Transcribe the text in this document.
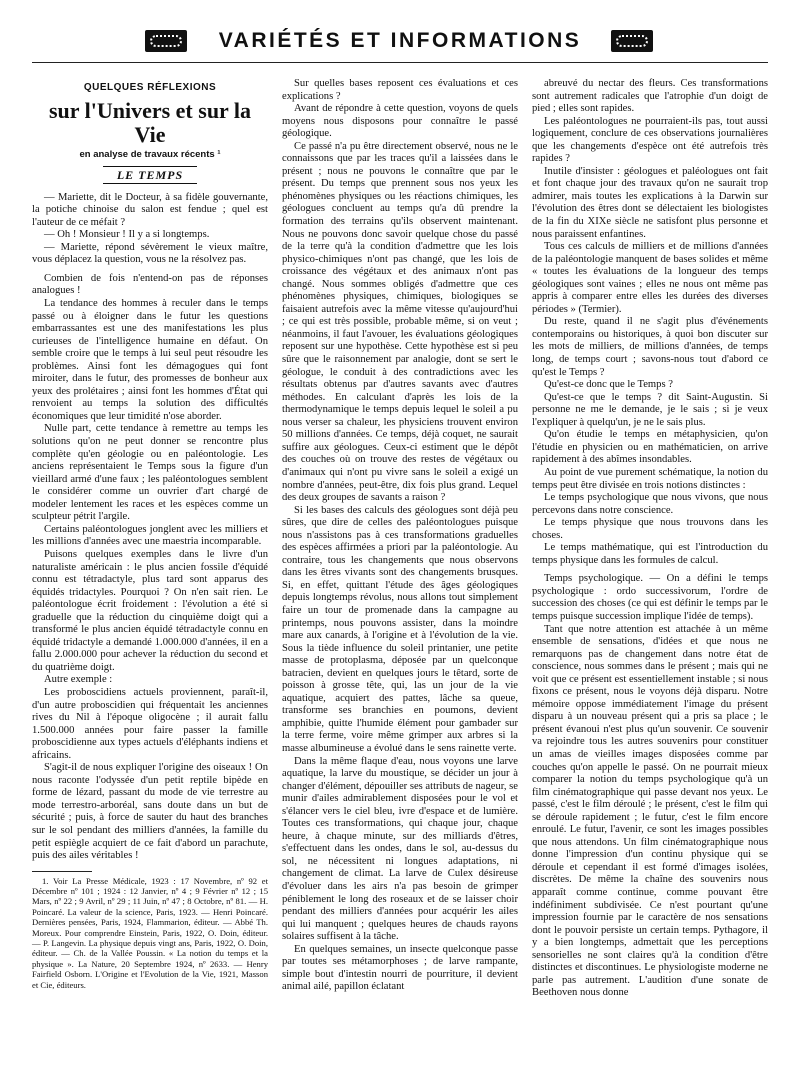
VARIÉTÉS ET INFORMATIONS
QUELQUES RÉFLEXIONS
sur l'Univers et sur la Vie
en analyse de travaux récents ¹
LE TEMPS

— Mariette, dit le Docteur, à sa fidèle gouvernante, la potiche chinoise du salon est fendue ; quel est l'auteur de ce méfait ?

— Oh ! Monsieur ! Il y a si longtemps.

— Mariette, répond sévèrement le vieux maître, vous déplacez la question, vous ne la résolvez pas.

Combien de fois n'entend-on pas de réponses analogues !

La tendance des hommes à reculer dans le temps passé ou à éloigner dans le futur les questions embarrassantes est une des manifestations les plus curieuses de l'intelligence humaine en défaut. On semble croire que le temps à lui seul peut résoudre les problèmes. Ainsi font les démagogues qui font miroiter, dans le futur, des promesses de bonheur aux yeux des prolétaires ; ainsi font les hommes d'État qui renvoient au temps la solution des difficultés économiques que leur timidité n'ose aborder.

Nulle part, cette tendance à remettre au temps les solutions qu'on ne peut donner se rencontre plus complète qu'en géologie ou en paléontologie. Les anciens représentaient le Temps sous la figure d'un vieillard armé d'une faux ; les paléontologues semblent le considérer comme un ouvrier d'art chargé de modeler lentement les races et les espèces comme un sculpteur pétrit l'argile.

Certains paléontologues jonglent avec les milliers et les millions d'années avec une maestria incomparable.

Puisons quelques exemples dans le livre d'un naturaliste américain : le plus ancien fossile d'équidé connu est tétradactyle, plus tard sont apparus des équidés tridactyles. Pourquoi ? On n'en sait rien. Le paléontologue écrit froidement : l'évolution a été si graduelle que la réduction du cinquième doigt qui a transformé le plus ancien équidé tétradactyle connu en équidé tridactyle a demandé 1.000.000 d'années, il en a fallu 2.000.000 pour achever la réduction du second et du quatrième doigt.

Autre exemple :

Les proboscidiens actuels proviennent, paraît-il, d'un autre proboscidien qui fréquentait les anciennes rives du Nil à l'époque oligocène ; il aurait fallu 1.500.000 années pour faire passer la famille proboscidienne aux types actuels d'éléphants indiens et africains.

S'agit-il de nous expliquer l'origine des oiseaux ! On nous raconte l'odyssée d'un petit reptile bipède en forme de lézard, passant du mode de vie terrestre au mode terrestro-arboréal, sans doute dans un but de sécurité ; puis, à force de sauter du haut des branches sur le sol pendant des milliers d'années, la famille du petit espiègle acquiert de ce fait d'abord un parachute, puis des ailes véritables !

1. Voir La Presse Médicale, 1923 : 17 Novembre, nº 92 et Décembre nº 101 ; 1924 : 12 Janvier, nº 4 ; 9 Février nº 12 ; 15 Mars, nº 22 ; 9 Avril, nº 29 ; 11 Juin, nº 47 ; 8 Octobre, nº 81. — H. Poincaré. La valeur de la science, Paris, 1923. — Henri Poincaré. Dernières pensées, Paris, 1924, Flammarion, éditeur. — Abbé Th. Moreux. Pour comprendre Einstein, Paris, 1922, O. Doin, éditeur. — P. Langevin. La physique depuis vingt ans, Paris, 1922, O. Doin, éditeur. — Ch. de la Vallée Poussin. « La notion du temps et la physique ». La Nature, 20 Septembre 1924, nº 2633. — Henry Fairfield Osborn. L'Origine et l'Evolution de la Vie, 1921, Masson et Cie, éditeurs.

Sur quelles bases reposent ces évaluations et ces explications ?

Avant de répondre à cette question, voyons de quels moyens nous disposons pour connaître le passé géologique.

Ce passé n'a pu être directement observé, nous ne le connaissons que par les traces qu'il a laissées dans le présent ; nous ne pouvons le connaître que par le présent. Du temps que prennent sous nos yeux les phénomènes physiques ou les réactions chimiques, les géologues concluent au temps qu'a dû prendre la formation des terrains qu'ils observent maintenant. Nous ne pouvons donc savoir quelque chose du passé de la terre qu'à la condition d'admettre que les lois physico-chimiques n'ont pas changé, que les lois de croissance des végétaux et des animaux n'ont pas changé. Nous sommes obligés d'admettre que ces phénomènes physiques, chimiques, biologiques se faisaient autrefois avec la même vitesse qu'aujourd'hui ; ce qui est très possible, probable même, si on veut ; néanmoins, il faut l'avouer, les évaluations géologiques reposent sur une hypothèse. Cette hypothèse est si peu sûre que le raisonnement par analogie, dont se sert le géologue, le conduit à des contradictions avec les résultats obtenus par d'autres savants avec d'autres méthodes. En calculant d'après les lois de la thermodynamique le temps depuis lequel le soleil a pu nous verser sa chaleur, les physiciens trouvent environ 50 millions d'années. Ce temps, déjà coquet, ne saurait suffire aux géologues. Ceux-ci estiment que le dépôt des couches où on trouve des restes de végétaux ou d'animaux qui n'ont pu vivre sans le soleil a exigé un nombre d'années, peut-être, dix fois plus grand. Lequel des deux groupes de savants a raison ?

Si les bases des calculs des géologues sont déjà peu sûres, que dire de celles des paléontologues puisque nous n'assistons pas à ces transformations graduelles des espèces affirmées a priori par la paléontologie. Au contraire, tous les changements que nous observons dans les êtres vivants sont des changements brusques. Si, en effet, quittant l'étude des âges géologiques depuis longtemps révolus, nous allons tout simplement faire un tour de promenade dans la campagne au printemps, nous pouvons assister, dans la moindre mare aux canards, à l'origine et à l'évolution de la vie. Sous la tiède influence du soleil printanier, une petite masse de protoplasma, déposée par un quelconque batracien, devient en quelques jours le têtard, sorte de poisson à grosse tête, qui, las un jour de la vie aquatique, acquiert des pattes, lâche sa queue, transforme ses branchies en poumons, devient amphibie, quitte l'humide élément pour gambader sur la terre ferme, voire même grimper aux arbres si la masse albumineuse a évolué dans le sens rainette verte.

Dans la même flaque d'eau, nous voyons une larve aquatique, la larve du moustique, se décider un jour à changer d'élément, dépouiller ses attributs de nageur, se munir d'ailes admirablement disposées pour le vol et s'élancer vers le ciel bleu, ivre d'espace et de lumière. Toutes ces transformations, qui chaque jour, chaque heure, à chaque minute, sur des milliards d'êtres, s'effectuent dans les ondes, dans le sol, au-dessus du sol, ne nécessitent ni longues adaptations, ni changement de climat. La larve de Culex désireuse d'évoluer dans les airs n'a pas besoin de grimper péniblement le long des roseaux et de se laisser choir pendant des milliers d'années pour acquérir les ailes qui lui manquent ; quelques heures de chauds rayons solaires suffisent à la tâche.

En quelques semaines, un insecte quelconque passe par toutes ses métamorphoses ; de larve rampante, simple bout d'intestin nourri de pourriture, il devient animal ailé, papillon éclatant

abreuvé du nectar des fleurs. Ces transformations sont autrement radicales que l'atrophie d'un doigt de pied ; elles sont rapides.

Les paléontologues ne pourraient-ils pas, tout aussi logiquement, conclure de ces observations journalières que les changements d'espèce ont été autrefois très rapides ?

Inutile d'insister : géologues et paléologues ont fait et font chaque jour des travaux qu'on ne saurait trop admirer, mais toutes les explications à la Darwin sur l'évolution des êtres dont se délectaient les biologistes de la fin du XIXe siècle ne satisfont plus personne et nous paraissent enfantines.

Tous ces calculs de milliers et de millions d'années de la paléontologie manquent de bases solides et même « toutes les évaluations de la longueur des temps géologiques sont vaines ; elles ne nous ont même pas appris à comparer entre elles les durées des diverses périodes » (Termier).

Du reste, quand il ne s'agit plus d'événements contemporains ou historiques, à quoi bon discuter sur les mots de milliers, de millions d'années, de temps long, de temps court ; savons-nous tout d'abord ce qu'est le Temps ?

Qu'est-ce donc que le Temps ?

Qu'est-ce que le temps ? dit Saint-Augustin. Si personne ne me le demande, je le sais ; si je veux l'expliquer à quelqu'un, je ne le sais plus.

Qu'on étudie le temps en métaphysicien, qu'on l'étudie en physicien ou en mathématicien, on arrive rapidement à des abîmes insondables.

Au point de vue purement schématique, la notion du temps peut être divisée en trois notions distinctes :

Le temps psychologique que nous vivons, que nous percevons dans notre conscience.

Le temps physique que nous trouvons dans les choses.

Le temps mathématique, qui est l'introduction du temps physique dans les formules de calcul.

Temps psychologique. — On a défini le temps psychologique : ordo successivorum, l'ordre de succession des choses (ce qui est définir le temps par le temps puisque succession implique l'idée de temps).

Tant que notre attention est attachée à un même ensemble de sensations, d'idées et que nous ne remarquons pas de changement dans notre état de conscience, nous sommes dans le présent ; mais qui ne voit que ce présent est essentiellement instable ; si nous fixons ce présent, nous le voyons déjà disparu. Notre mémoire oppose immédiatement l'image du présent disparu à un nouveau présent qui a pris sa place ; le présent évanoui n'est plus qu'un souvenir. Ce souvenir va rejoindre tous les autres souvenirs pour constituer un amas de vieilles images disposées comme par couches qu'on appelle le passé. On ne pourrait mieux comparer la notion du temps psychologique qu'à un film cinématographique qui passe devant nos yeux. Le passé, c'est le film déroulé ; le présent, c'est le film qui se déroule rapidement ; le futur, c'est le film encore enroulé. Le futur, l'avenir, ce sont les images possibles que nous attendons. Un film cinématographique nous donne l'impression d'un continu physique qui se déroule et cependant il est formé d'images isolées, discrètes. De même la chaîne des souvenirs nous apparaît comme continue, comme pouvant être indéfiniment subdivisée. Ce n'est pourtant qu'une impression fournie par le caractère de nos sensations dont le pouvoir persiste un certain temps. Pythagore, il y a bien longtemps, admettait que les perceptions sensorielles ne sont claires qu'à la condition d'être distinctes et discontinues. Le physiologiste moderne ne parle pas autrement. L'audition d'une sonate de Beethoven nous donne
